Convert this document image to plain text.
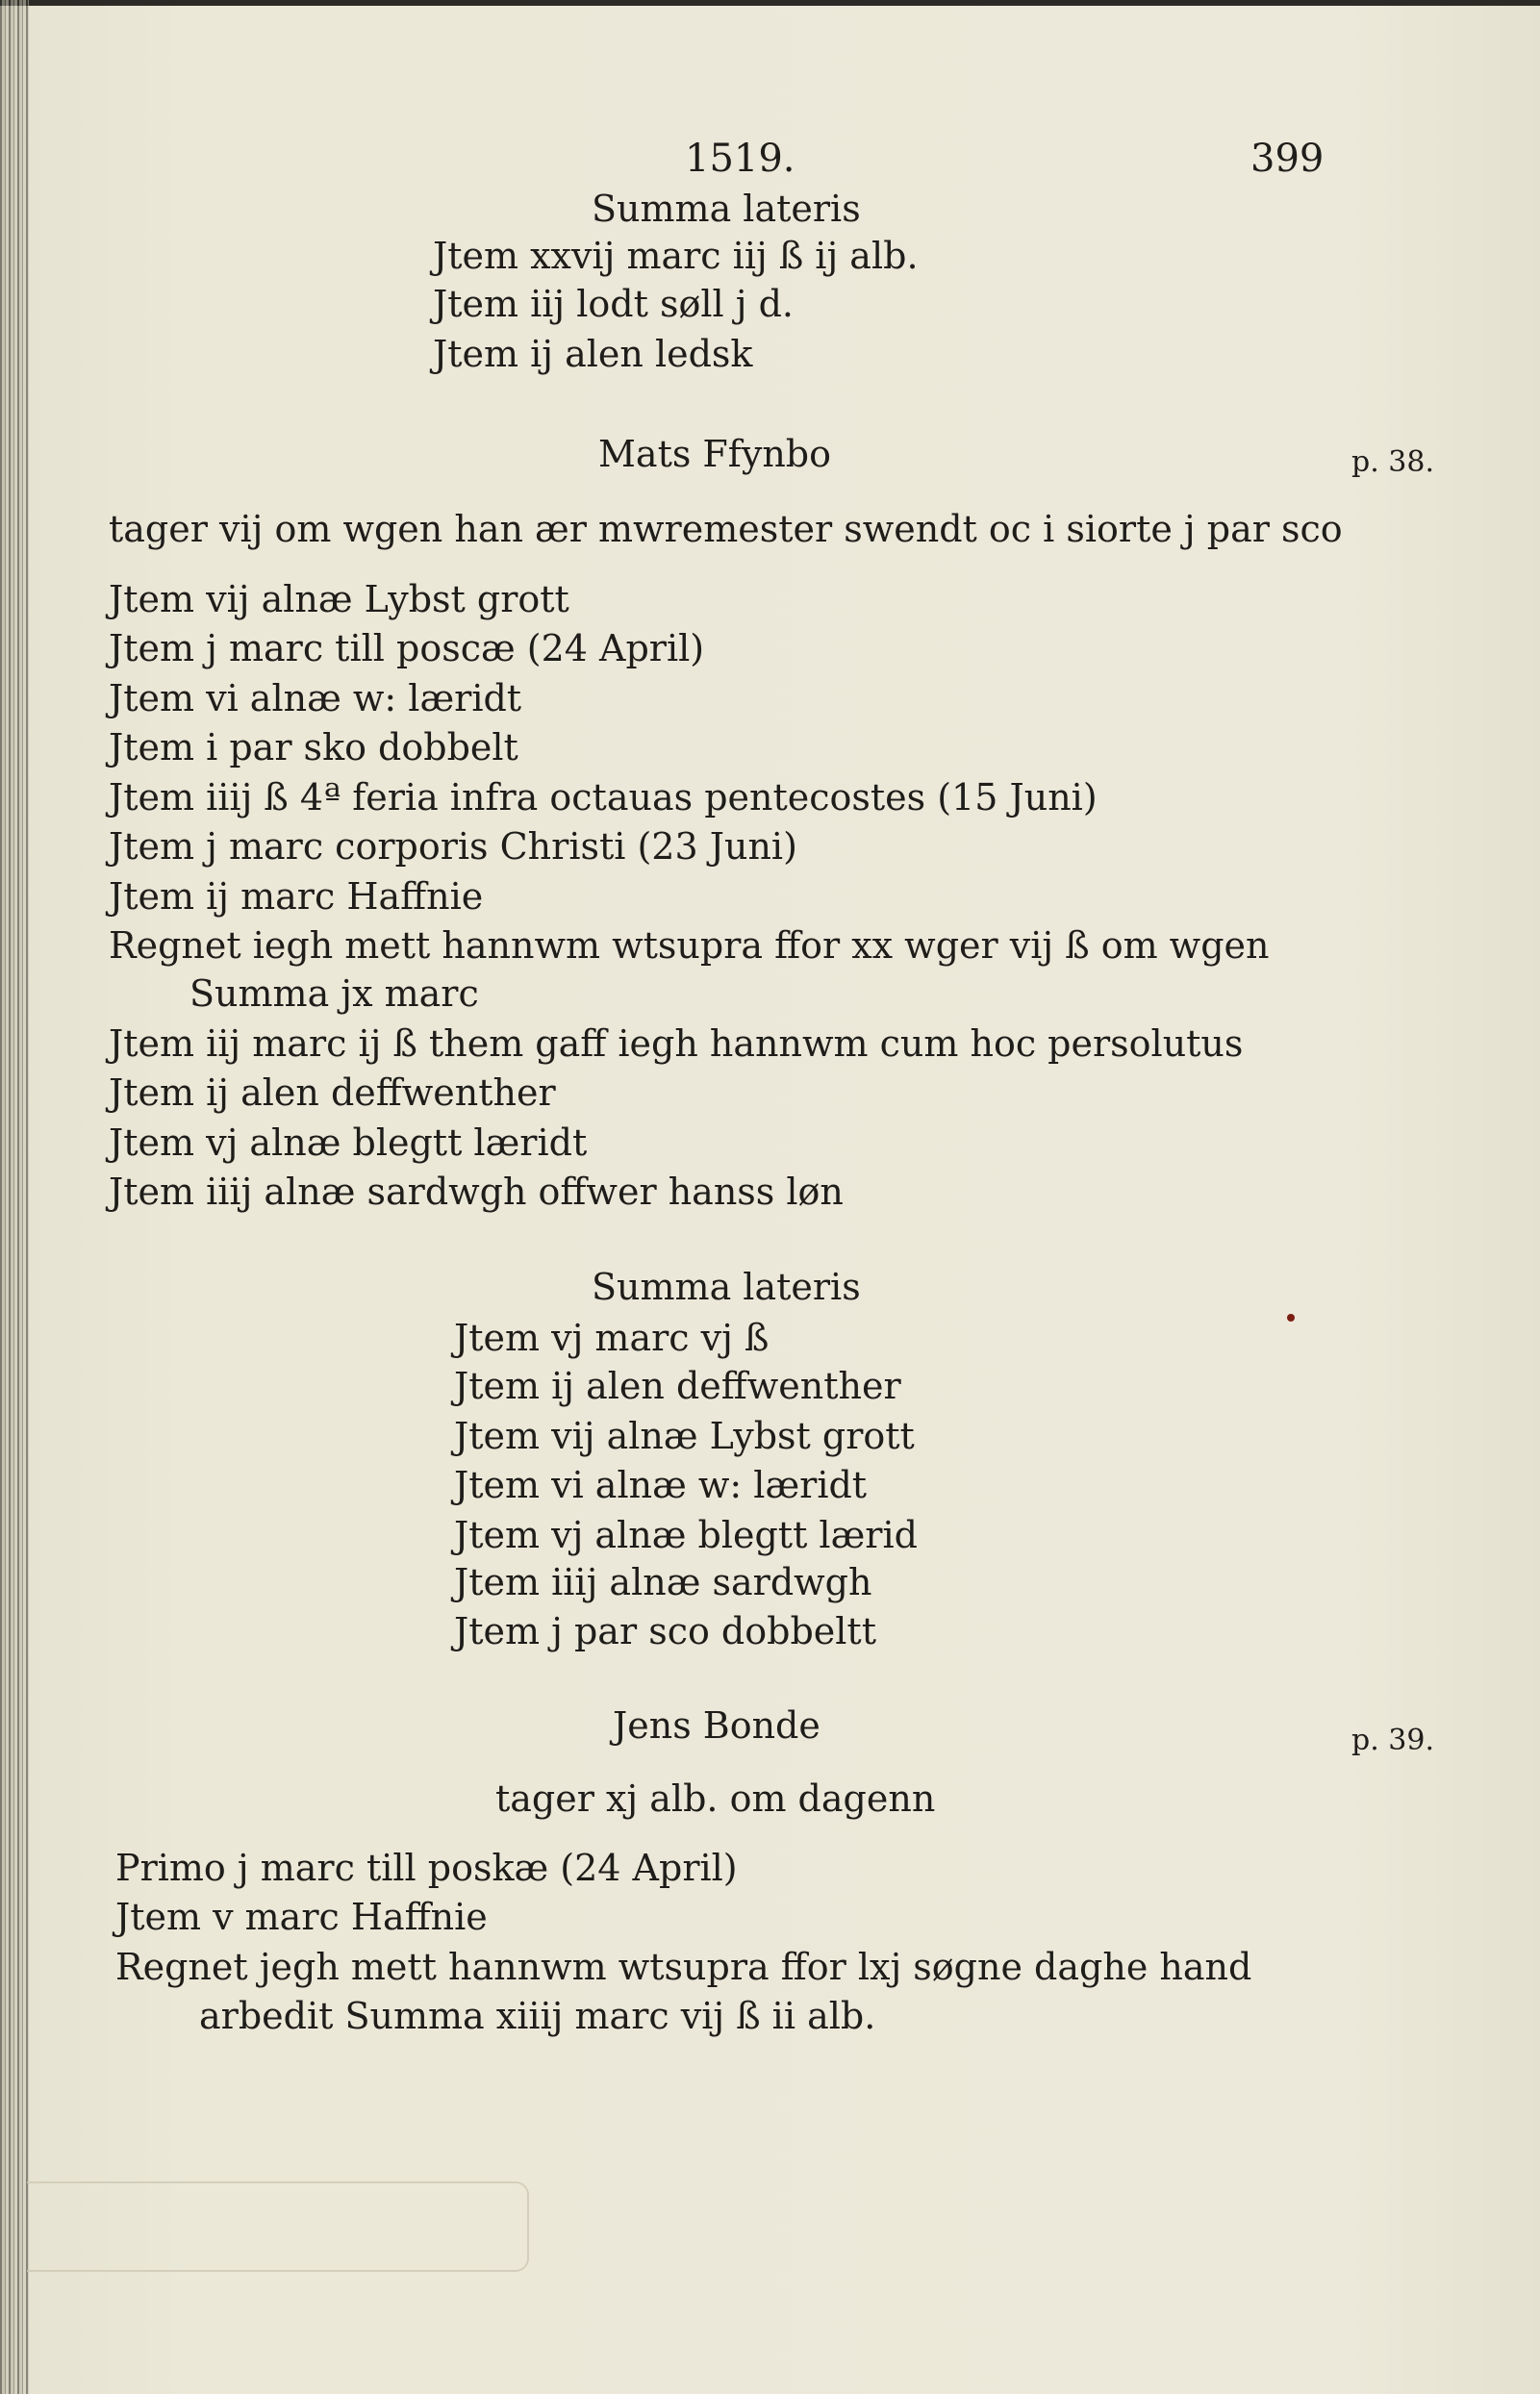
1519.	399
Summa lateris
Jtem xxvij marc iij ß ij alb.
Jtem iij lodt søll j d.
Jtem ij alen ledsk
Mats Ffynbo
tager vij om wgen han ær mwremester swendt oc i siorte j par sco
Jtem vij alnæ Lybst grott
Jtem j marc till poscæ (24 April)
Jtem vi alnæ w: læridt
Jtem i par sko dobbelt
Jtem iiij ß 4ª feria infra octauas pentecostes (15 Juni)
Jtem j marc corporis Christi (23 Juni)
Jtem ij marc Haffnie
Regnet iegh mett hannwm wtsupra ffor xx wger vij ß om wgen
Summa jx marc
Jtem iij marc ij ß them gaff iegh hannwm cum hoc persolutus
Jtem ij alen deffwenther
Jtem vj alnæ blegtt læridt
Jtem iiij alnæ sardwgh offwer hanss løn
Summa lateris
Jtem vj marc vj ß
Jtem ij alen deffwenther
Jtem vij alnæ Lybst grott
Jtem vi alnæ w: læridt
Jtem vj alnæ blegtt lærid
Jtem iiij alnæ sardwgh
Jtem j par sco dobbeltt
Jens Bonde
tager xj alb. om dagenn
Primo j marc till poskæ (24 April)
Jtem v marc Haffnie
Regnet jegh mett hannwm wtsupra ffor lxj søgne daghe hand
arbedit Summa xiiij marc vij ß ii alb.
p. 38.
p. 39.
